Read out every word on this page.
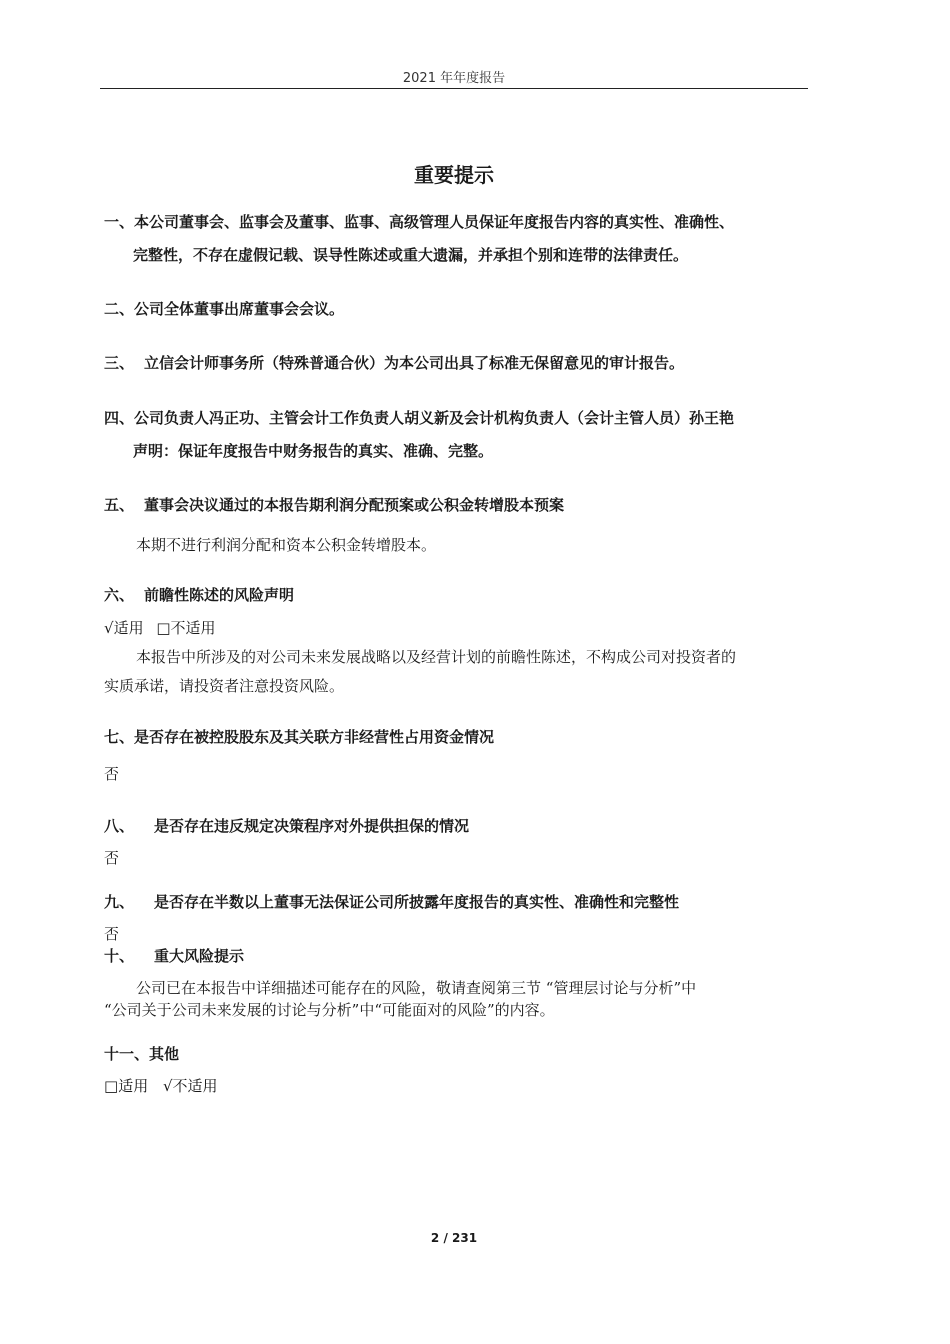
2021 年年度报告
重要提示
一、本公司董事会、监事会及董事、监事、高级管理人员保证年度报告内容的真实性、准确性、
完整性，不存在虚假记载、误导性陈述或重大遗漏，并承担个别和连带的法律责任。
二、公司全体董事出席董事会会议。
三、 立信会计师事务所（特殊普通合伙）为本公司出具了标准无保留意见的审计报告。
四、公司负责人冯正功、主管会计工作负责人胡义新及会计机构负责人（会计主管人员）孙王艳
声明：保证年度报告中财务报告的真实、准确、完整。
五、 董事会决议通过的本报告期利润分配预案或公积金转增股本预案
本期不进行利润分配和资本公积金转增股本。
六、 前瞻性陈述的风险声明
√适用 □不适用
本报告中所涉及的对公司未来发展战略以及经营计划的前瞻性陈述，不构成公司对投资者的
实质承诺，请投资者注意投资风险。
七、是否存在被控股股东及其关联方非经营性占用资金情况
否
八、 是否存在违反规定决策程序对外提供担保的情况
否
九、 是否存在半数以上董事无法保证公司所披露年度报告的真实性、准确性和完整性
否
十、 重大风险提示
公司已在本报告中详细描述可能存在的风险，敬请查阅第三节 “管理层讨论与分析”中
“公司关于公司未来发展的讨论与分析”中“可能面对的风险”的内容。
十一、其他
□适用 √不适用
2 / 231
